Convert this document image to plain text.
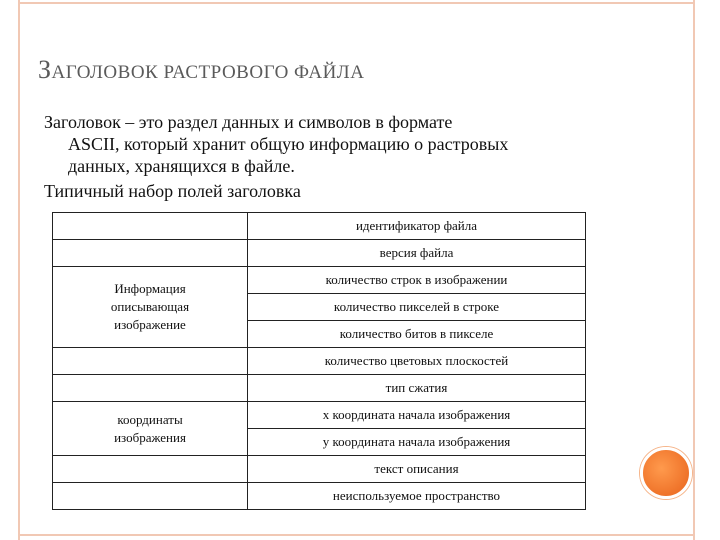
ЗАГОЛОВОК РАСТРОВОГО ФАЙЛА
Заголовок – это раздел данных и символов в формате
ASCII, который хранит общую информацию о растровых
данных, хранящихся в файле.
Типичный набор полей заголовка
	идентификатор файла
	версия файла

Информация
описывающая
изображение	количество строк в изображении
	количество пикселей в строке
	количество битов в пикселе
	количество цветовых плоскостей
	тип сжатия

координаты
изображения	х координата начала изображения
	у координата начала изображения
	текст описания
	неиспользуемое пространство
